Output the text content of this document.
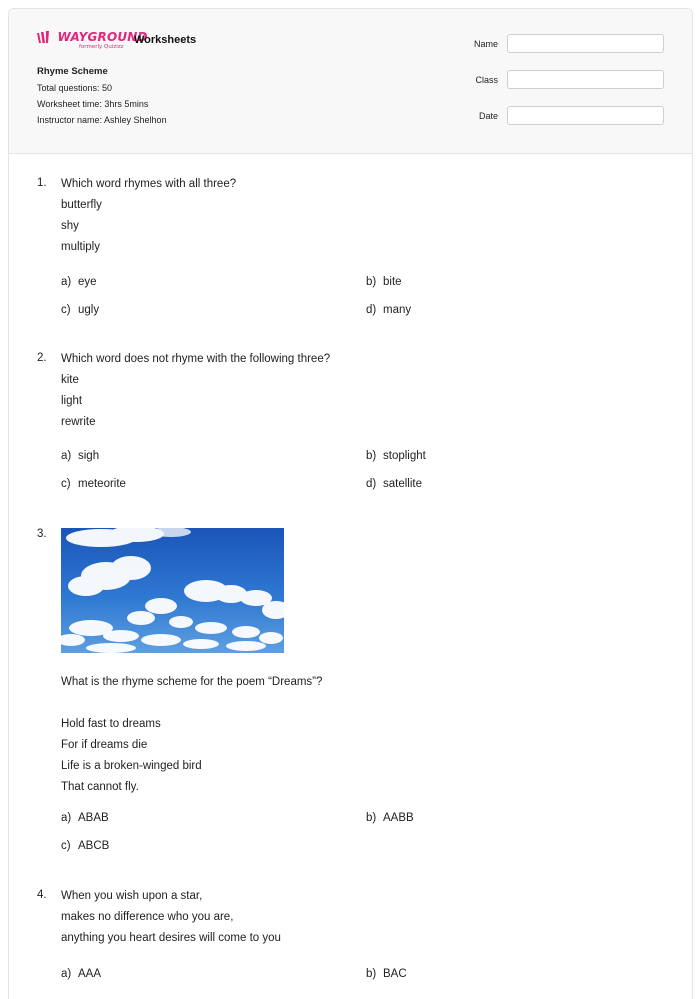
WAYGROUND
formerly Quizizz
Worksheets
Rhyme Scheme
Total questions: 50
Worksheet time: 3hrs 5mins
Instructor name: Ashley Shelhon
Name
Class
Date
1. Which word rhymes with all three?
butterfly
shy
multiply
a) eye	b) bite
c) ugly	d) many
2. Which word does not rhyme with the following three?
kite
light
rewrite
a) sigh	b) stoplight
c) meteorite	d) satellite
3.
What is the rhyme scheme for the poem “Dreams”?
Hold fast to dreams
For if dreams die
Life is a broken-winged bird
That cannot fly.
a) ABAB	b) AABB
c) ABCB
4. When you wish upon a star,
makes no difference who you are,
anything you heart desires will come to you
a) AAA	b) BAC
